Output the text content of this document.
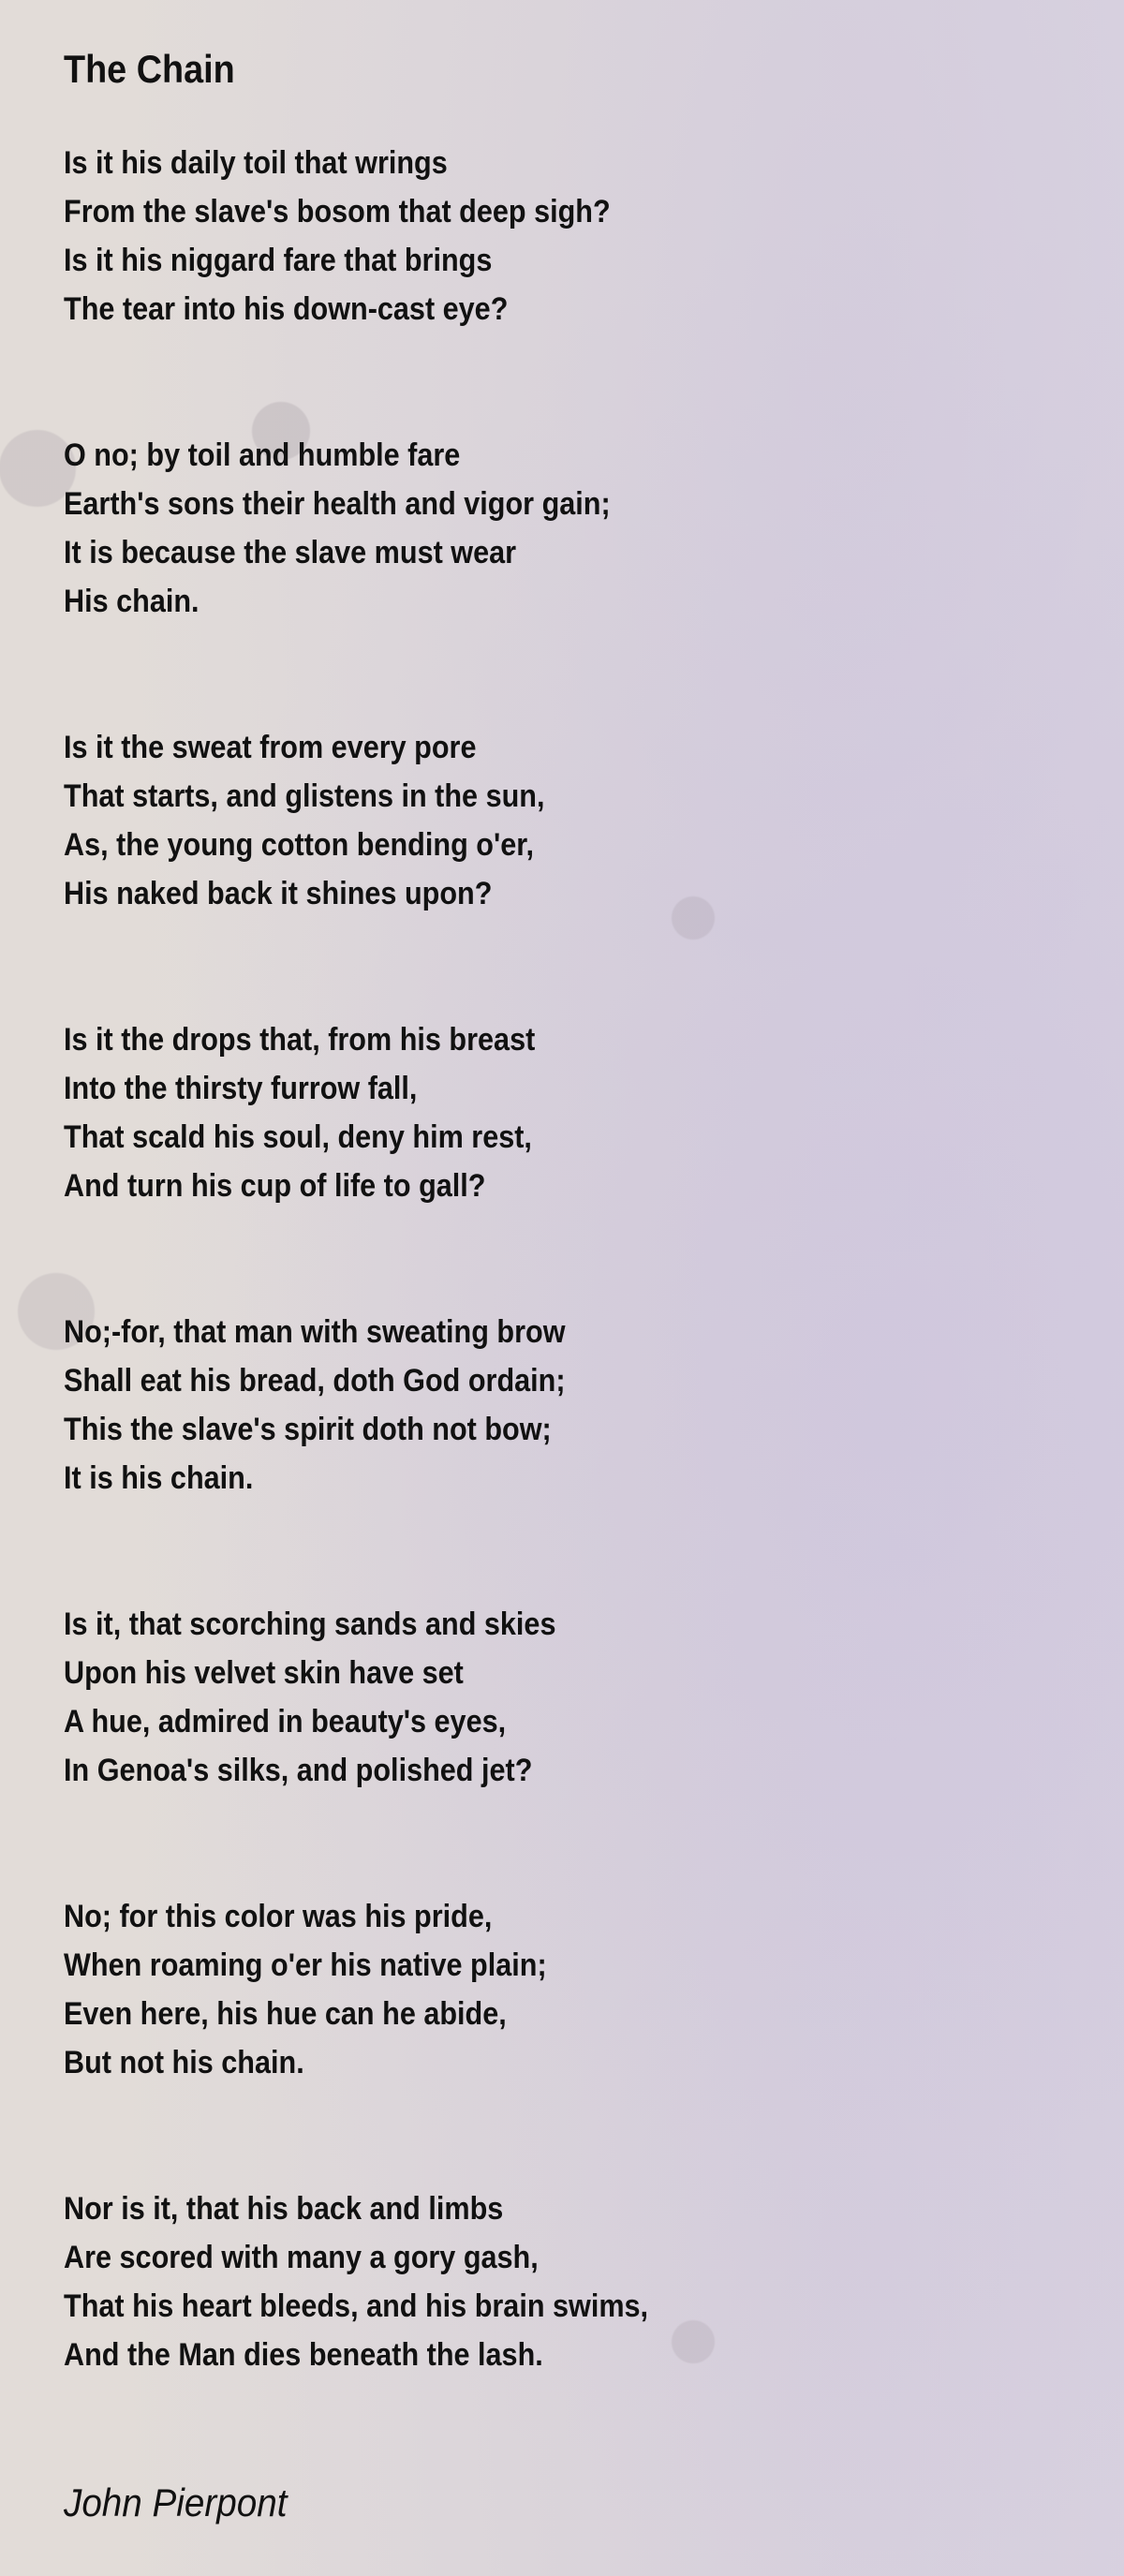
The Chain
Is it his daily toil that wrings
From the slave's bosom that deep sigh?
Is it his niggard fare that brings
The tear into his down-cast eye?
O no; by toil and humble fare
Earth's sons their health and vigor gain;
It is because the slave must wear
His chain.
Is it the sweat from every pore
That starts, and glistens in the sun,
As, the young cotton bending o'er,
His naked back it shines upon?
Is it the drops that, from his breast
Into the thirsty furrow fall,
That scald his soul, deny him rest,
And turn his cup of life to gall?
No;-for, that man with sweating brow
Shall eat his bread, doth God ordain;
This the slave's spirit doth not bow;
It is his chain.
Is it, that scorching sands and skies
Upon his velvet skin have set
A hue, admired in beauty's eyes,
In Genoa's silks, and polished jet?
No; for this color was his pride,
When roaming o'er his native plain;
Even here, his hue can he abide,
But not his chain.
Nor is it, that his back and limbs
Are scored with many a gory gash,
That his heart bleeds, and his brain swims,
And the Man dies beneath the lash.
John Pierpont
